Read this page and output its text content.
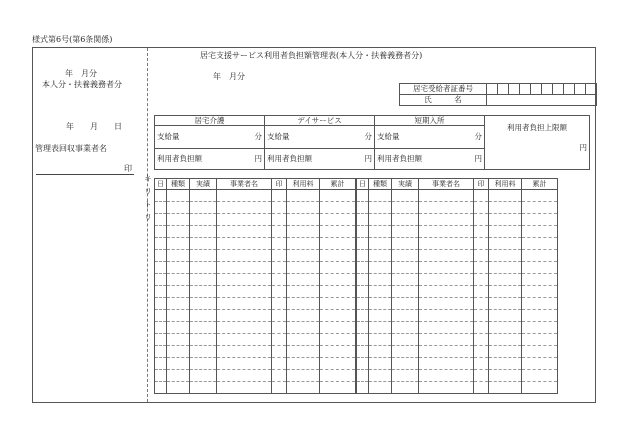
様式第6号(第6条関係)
居宅支援サービス利用者負担額管理表(本人分・扶養義務者分)
年　月分
本人分・扶養義務者分
年　　月　　日
管理表回収事業者名
印
年　月分
居宅受給者証番号										
氏　　　名										
居宅介護	デイサービス	短期入所	利用者負担上限額
円

支給量 分	支給量 分	支給量 分	

利用者負担額 円	利用者負担額 円	利用者負担額 円	
キ
リ
ト
リ
日	種類	実績	事業者名	印	利用料	累計	日	種類	実績	事業者名	印	利用料	累計
